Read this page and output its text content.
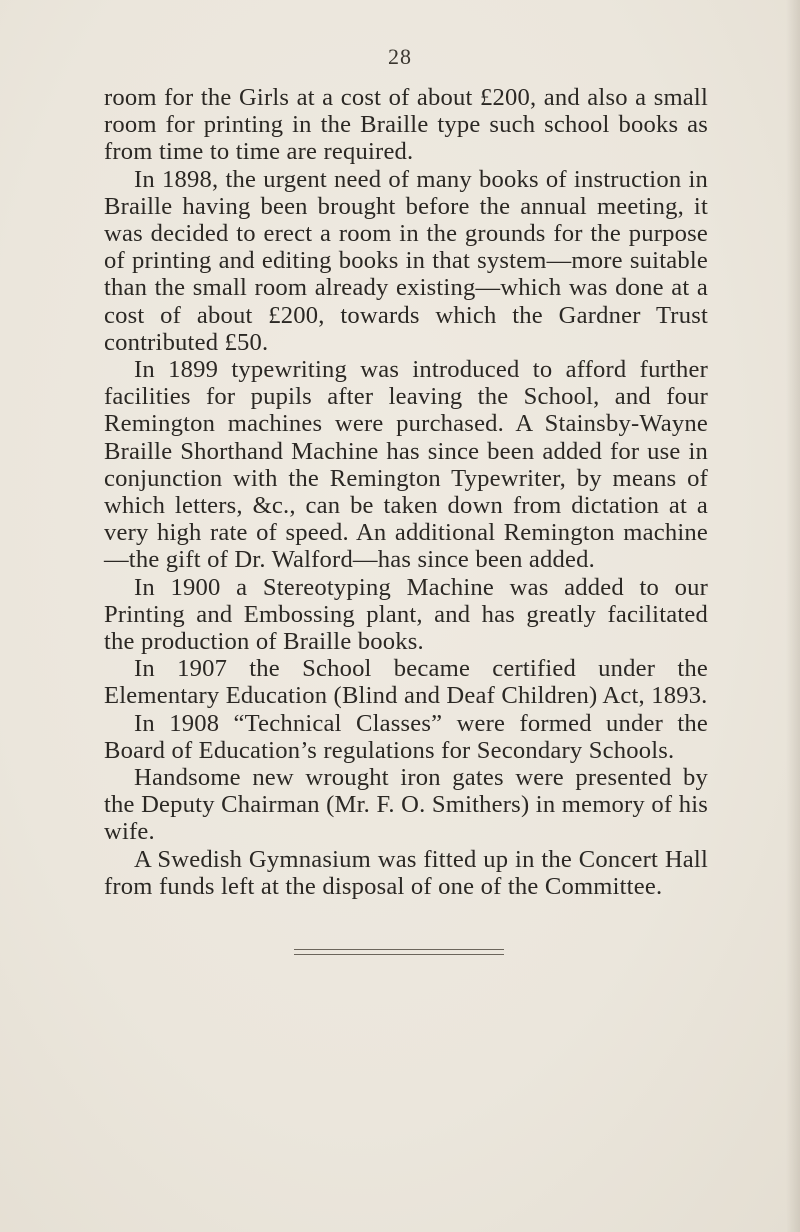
28

room for the Girls at a cost of about £200, and also a small room for printing in the Braille type such school books as from time to time are required.

In 1898, the urgent need of many books of instruction in Braille having been brought before the annual meeting, it was decided to erect a room in the grounds for the purpose of printing and editing books in that system—more suitable than the small room already existing—which was done at a cost of about £200, towards which the Gardner Trust contributed £50.

In 1899 typewriting was introduced to afford further facilities for pupils after leaving the School, and four Remington machines were purchased. A Stainsby-Wayne Braille Shorthand Machine has since been added for use in conjunction with the Remington Typewriter, by means of which letters, &c., can be taken down from dictation at a very high rate of speed. An additional Remington machine—the gift of Dr. Walford—has since been added.

In 1900 a Stereotyping Machine was added to our Printing and Embossing plant, and has greatly facilitated the production of Braille books.

In 1907 the School became certified under the Elementary Education (Blind and Deaf Children) Act, 1893.

In 1908 “Technical Classes” were formed under the Board of Education’s regulations for Secondary Schools.

Handsome new wrought iron gates were presented by the Deputy Chairman (Mr. F. O. Smithers) in memory of his wife.

A Swedish Gymnasium was fitted up in the Concert Hall from funds left at the disposal of one of the Committee.
